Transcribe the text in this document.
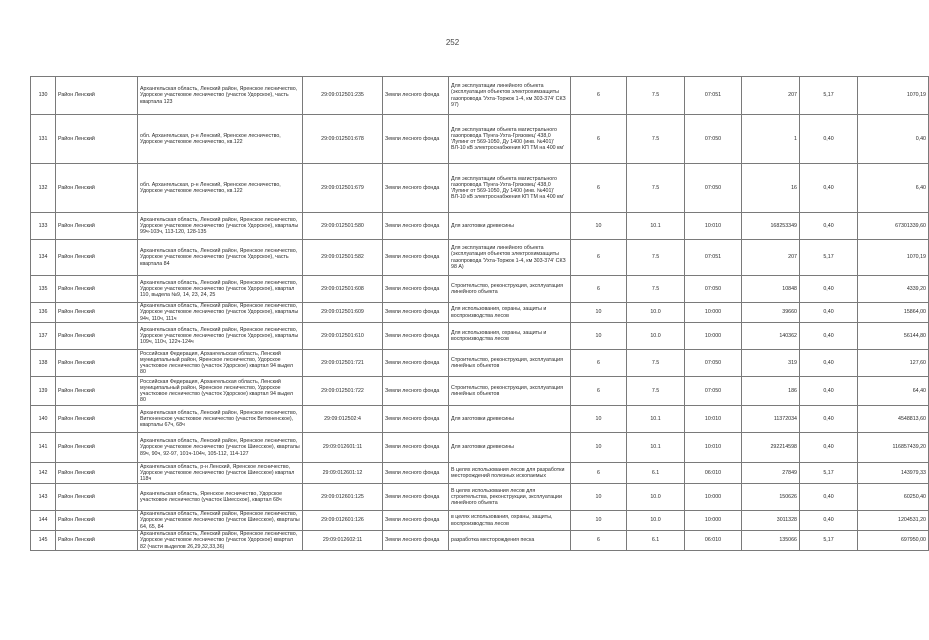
252
130	Район Ленский	Архангельская область, Ленский район, Яренское лесничество, Удорское участковое лесничество (участок Удорское), часть квартала 123	29:09:012501:235	Земли лесного фонда	Для эксплуатации линейного объекта (эксплуатация объектов электрохимзащиты газопровода 'Ухта-Торжок 1-4, км 303-374' СКЗ 97)	6	7.5	07:051	207	5,17	1070,19
131	Район Ленский	обл. Архангельская, р-н Ленский, Яренское лесничество, Удорское участковое лесничество, кв.122	29:09:012501:678	Земли лесного фонда	Для эксплуатации объекта магистрального газопровода 'Пунга-Ухта-Грязовец' 438,0 'Лупинг от 569-1050, Ду 1400 (инв. №401)' ВЛ-10 кВ электроснабжения КП ТМ на 400 км'	6	7.5	07:050	1	0,40	0,40
132	Район Ленский	обл. Архангельская, р-н Ленский, Яренское лесничество, Удорское участковое лесничество, кв.122	29:09:012501:679	Земли лесного фонда	Для эксплуатации объекта магистрального газопровода 'Пунга-Ухта-Грязовец' 438,0 'Лупинг от 569-1050, Ду 1400 (инв. №401)' ВЛ-10 кВ электроснабжения КП ТМ на 400 км'	6	7.5	07:050	16	0,40	6,40
133	Район Ленский	Архангельская область, Ленский район, Яренское лесничество, Удорское участковое лесничество (участок Удорское), кварталы 99ч-103ч, 113-120, 128-135	29:09:012501:580	Земли лесного фонда	Для заготовки древесины	10	10.1	10:010	168253349	0,40	67301339,60
134	Район Ленский	Архангельская область, Ленский район, Яренское лесничество, Удорское участковое лесничество (участок Удорское), часть квартала 84	29:09:012501:582	Земли лесного фонда	Для эксплуатации линейного объекта (эксплуатация объектов электрохимзащиты газопровода 'Ухта-Торжок 1-4, км 303-374' СКЗ 98 А)	6	7.5	07:051	207	5,17	1070,19
135	Район Ленский	Архангельская область, Ленский район, Яренское лесничество, Удорское участковое лесничество (участок Удорское), квартал 110, выдела №9, 14, 23, 24, 25	29:09:012501:608	Земли лесного фонда	Строительство, реконструкция, эксплуатация линейного объекта	6	7.5	07:050	10848	0,40	4339,20
136	Район Ленский	Архангельская область, Ленский район, Яренское лесничество, Удорское участковое лесничество (участок Удорское), кварталы 94ч, 110ч, 111ч	29:09:012501:609	Земли лесного фонда	Для использования, охраны, защиты и воспроизводства лесов	10	10.0	10:000	39660	0,40	15864,00
137	Район Ленский	Архангельская область, Ленский район, Яренское лесничество, Удорское участковое лесничество (участок Удорское), кварталы 109ч, 110ч, 122ч-124ч	29:09:012501:610	Земли лесного фонда	Для использования, охраны, защиты и воспроизводства лесов	10	10.0	10:000	140362	0,40	56144,80
138	Район Ленский	Российская Федерация, Архангельская область, Ленский муниципальный район, Яренское лесничество, Удорское участковое лесничество (участок Удорское) квартал 94 выдел 80	29:09:012501:721	Земли лесного фонда	Строительство, реконструкция, эксплуатация линейных объектов	6	7.5	07:050	319	0,40	127,60
139	Район Ленский	Российская Федерация, Архангельская область, Ленский муниципальный район, Яренское лесничество, Удорское участковое лесничество (участок Удорское) квартал 94 выдел 80	29:09:012501:722	Земли лесного фонда	Строительство, реконструкция, эксплуатация линейных объектов	6	7.5	07:050	186	0,40	64,40
140	Район Ленский	Архангельская область, Ленский район, Яренское лесничество, Витюненское участковое лесничество (участок Витюненское), кварталы 67ч, 68ч	29:09:012502:4	Земли лесного фонда	Для заготовки древесины	10	10.1	10:010	11372034	0,40	4548813,60
141	Район Ленский	Архангельская область, Ленский район, Яренское лесничество, Удорское участковое лесничество (участок Шиесское), кварталы 89ч, 90ч, 92-97, 101ч-104ч, 105-112, 114-127	29:09:012601:11	Земли лесного фонда	Для заготовки древесины	10	10.1	10:010	292214598	0,40	116857439,20
142	Район Ленский	Архангельская область, р-н Ленский, Яренское лесничество, Удорское участковое лесничество (участок Шиесское) квартал 118ч	29:09:012601:12	Земли лесного фонда	В целях использования лесов для разработки месторождений полезных ископаемых	6	6.1	06:010	27849	5,17	143979,33
143	Район Ленский	Архангельская область, Яренское лесничество, Удорское участковое лесничество (участок Шиесское), квартал 68ч	29:09:012601:125	Земли лесного фонда	В целях использования лесов для строительства, реконструкции, эксплуатации линейного объекта	10	10.0	10:000	150626	0,40	60250,40
144	Район Ленский	Архангельская область, Ленский район, Яренское лесничество, Удорское участковое лесничество (участок Шиесское), кварталы 64, 65, 84	29:09:012601:126	Земли лесного фонда	в целях использования, охраны, защиты, воспроизводства лесов	10	10.0	10:000	3011328	0,40	1204531,20
145	Район Ленский	Архангельская область, Ленский район, Яренское лесничество, Удорское участковое лесничество (участок Удорское) квартал 82 (части выделов 26,29,32,33,36)	29:09:012602:11	Земли лесного фонда	разработка месторождения песка	6	6.1	06:010	135066	5,17	697950,00
